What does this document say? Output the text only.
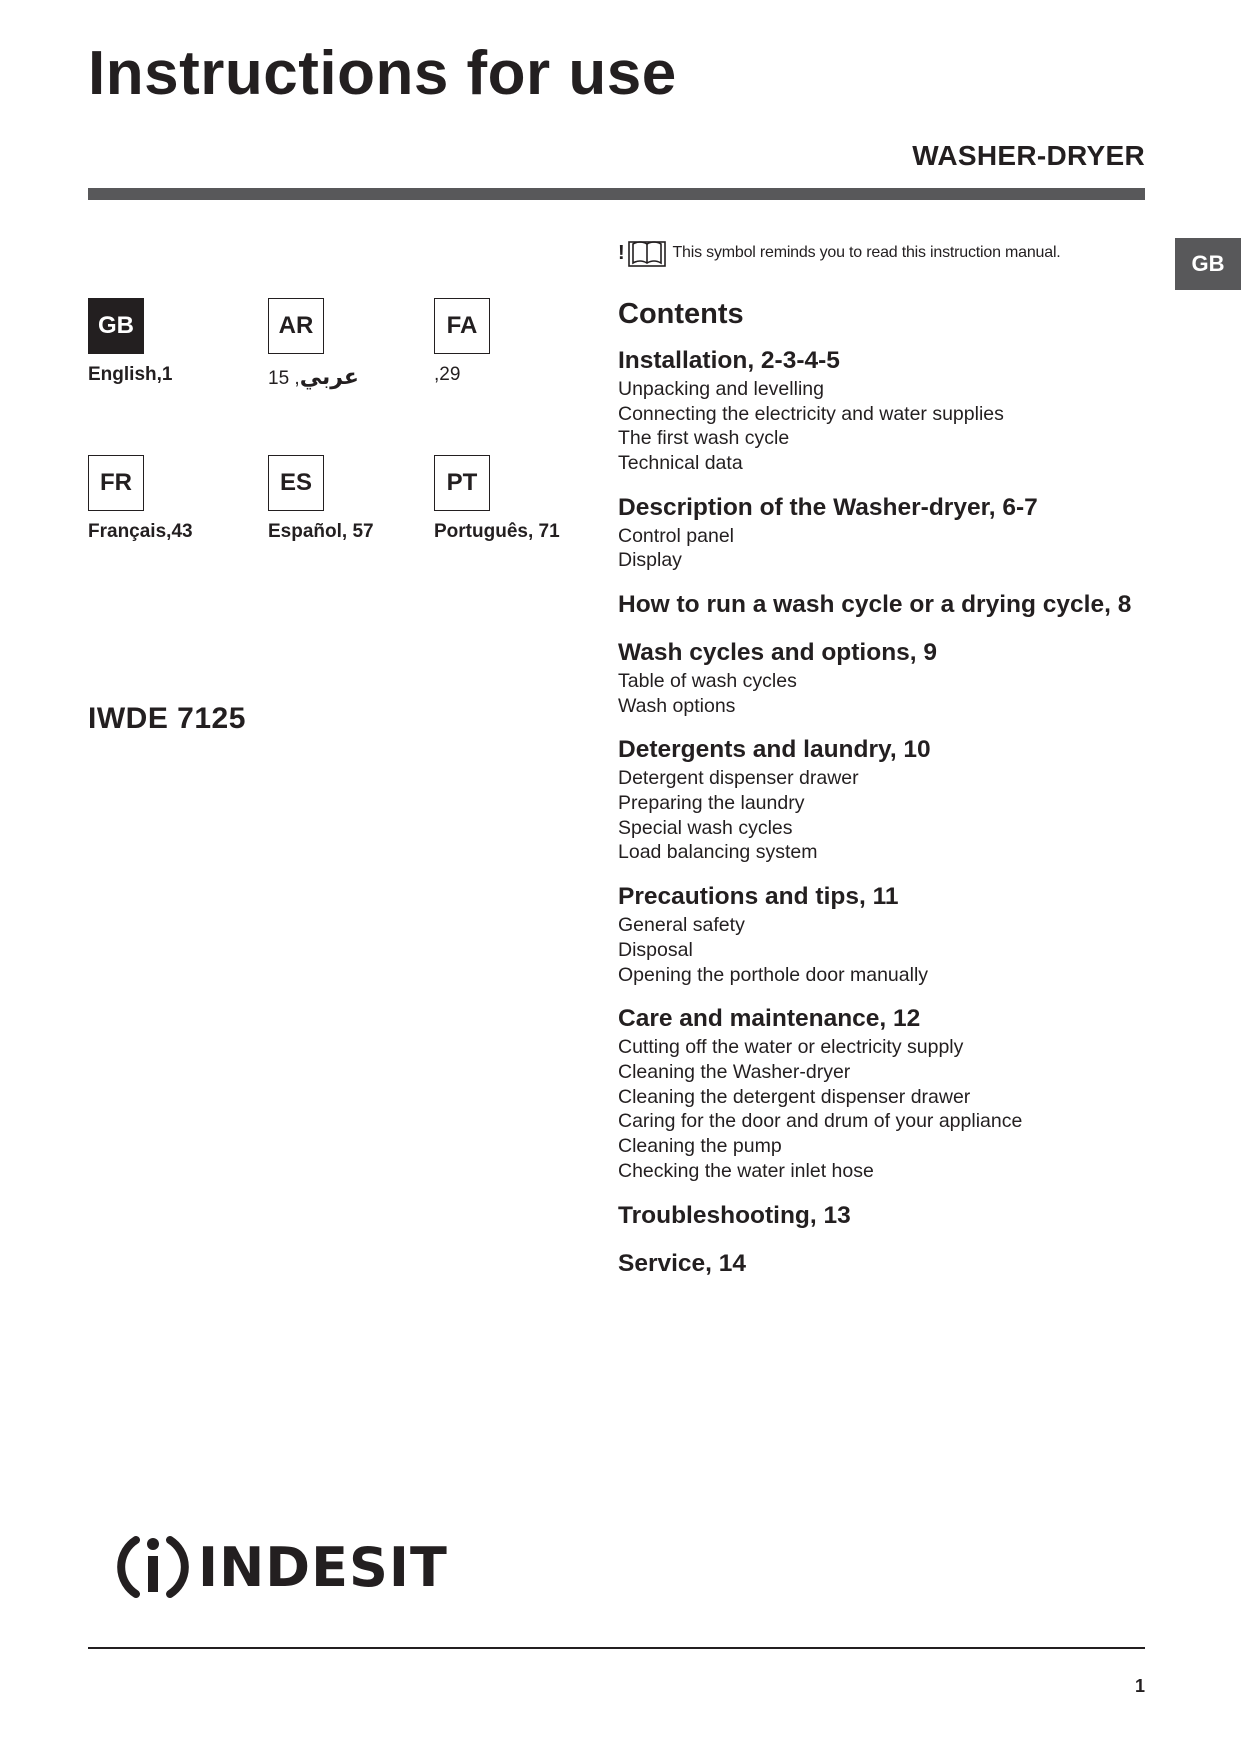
Instructions for use
WASHER-DRYER
GB
GB
English,1
AR
عربي, 15
FA
,29
FR
Français,43
ES
Español, 57
PT
Português, 71
IWDE 7125
!	This symbol reminds you to read this instruction manual.
Contents
Installation, 2-3-4-5
Unpacking and levelling
Connecting the electricity and water supplies
The first wash cycle
Technical data
Description of the Washer-dryer, 6-7
Control panel
Display
How to run a wash cycle or a drying cycle, 8
Wash cycles and options, 9
Table of wash cycles
Wash options
Detergents and laundry, 10
Detergent dispenser drawer
Preparing the laundry
Special wash cycles
Load balancing system
Precautions and tips, 11
General safety
Disposal
Opening the porthole door manually
Care and maintenance, 12
Cutting off the water or electricity supply
Cleaning the Washer-dryer
Cleaning the detergent dispenser drawer
Caring for the door and drum of your appliance
Cleaning the pump
Checking the water inlet hose
Troubleshooting, 13
Service, 14
INDESIT
1
